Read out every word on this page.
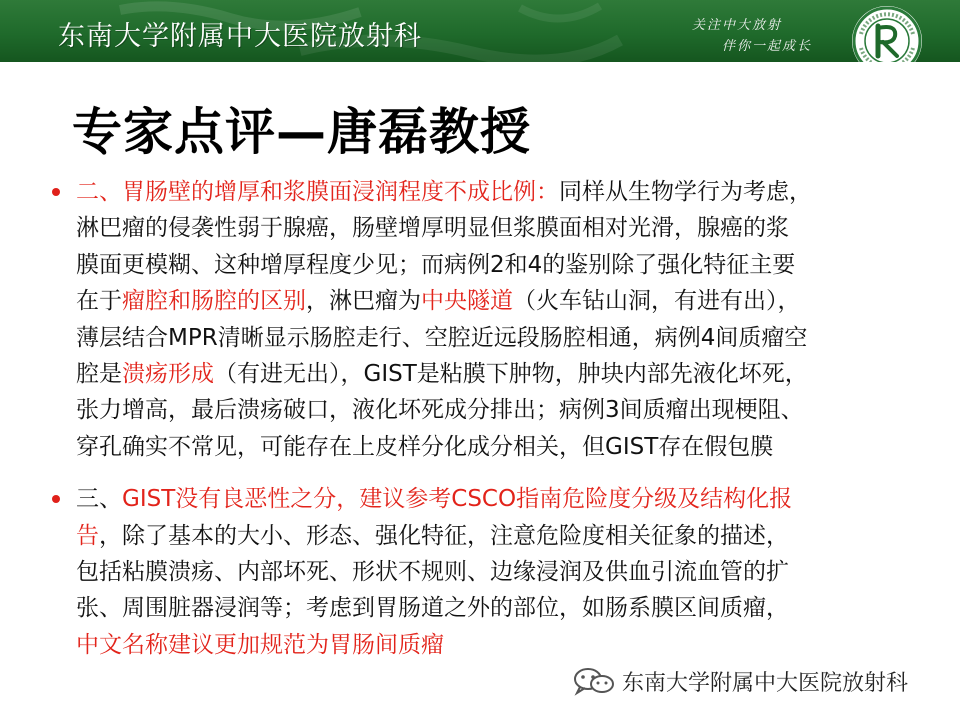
东南大学附属中大医院放射科	关注中大放射
伴你一起成长
专家点评—唐磊教授
二、胃肠壁的增厚和浆膜面浸润程度不成比例：同样从生物学行为考虑，
淋巴瘤的侵袭性弱于腺癌，肠壁增厚明显但浆膜面相对光滑，腺癌的浆
膜面更模糊、这种增厚程度少见；而病例2和4的鉴别除了强化特征主要
在于瘤腔和肠腔的区别，淋巴瘤为中央隧道（火车钻山洞，有进有出），
薄层结合MPR清晰显示肠腔走行、空腔近远段肠腔相通，病例4间质瘤空
腔是溃疡形成（有进无出），GIST是粘膜下肿物，肿块内部先液化坏死，
张力增高，最后溃疡破口，液化坏死成分排出；病例3间质瘤出现梗阻、
穿孔确实不常见，可能存在上皮样分化成分相关，但GIST存在假包膜
三、GIST没有良恶性之分，建议参考CSCO指南危险度分级及结构化报
告，除了基本的大小、形态、强化特征，注意危险度相关征象的描述，
包括粘膜溃疡、内部坏死、形状不规则、边缘浸润及供血引流血管的扩
张、周围脏器浸润等；考虑到胃肠道之外的部位，如肠系膜区间质瘤，
中文名称建议更加规范为胃肠间质瘤
东南大学附属中大医院放射科
